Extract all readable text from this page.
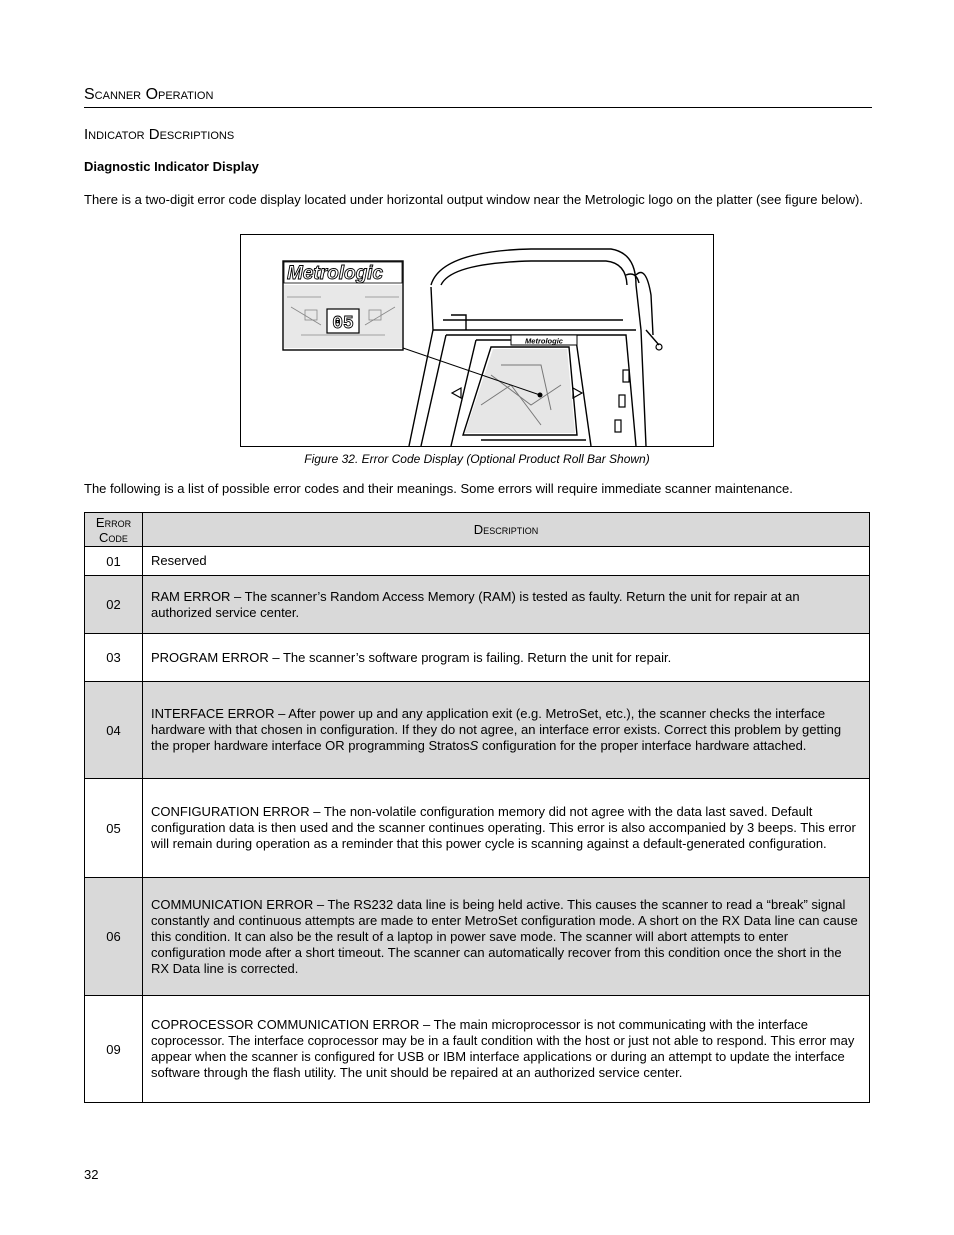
Scanner Operation
Indicator Descriptions
Diagnostic Indicator Display
There is a two-digit error code display located under horizontal output window near the Metrologic logo on the platter (see figure below).
Metrologic
Metrologic
05
Figure 32. Error Code Display (Optional Product Roll Bar Shown)
The following is a list of possible error codes and their meanings. Some errors will require immediate scanner maintenance.
Error
Code	Description
01	Reserved
02	RAM ERROR – The scanner’s Random Access Memory (RAM) is tested as faulty. Return the unit for repair at an authorized service center.
03	PROGRAM ERROR – The scanner’s software program is failing. Return the unit for repair.
04	INTERFACE ERROR – After power up and any application exit (e.g. MetroSet, etc.), the scanner checks the interface hardware with that chosen in configuration. If they do not agree, an interface error exists. Correct this problem by getting the proper hardware interface OR programming StratosS configuration for the proper interface hardware attached.
05	CONFIGURATION ERROR – The non-volatile configuration memory did not agree with the data last saved. Default configuration data is then used and the scanner continues operating. This error is also accompanied by 3 beeps. This error will remain during operation as a reminder that this power cycle is scanning against a default-generated configuration.
06	COMMUNICATION ERROR – The RS232 data line is being held active. This causes the scanner to read a “break” signal constantly and continuous attempts are made to enter MetroSet configuration mode. A short on the RX Data line can cause this condition. It can also be the result of a laptop in power save mode. The scanner will abort attempts to enter configuration mode after a short timeout. The scanner can automatically recover from this condition once the short in the RX Data line is corrected.
09	COPROCESSOR COMMUNICATION ERROR – The main microprocessor is not communicating with the interface coprocessor. The interface coprocessor may be in a fault condition with the host or just not able to respond. This error may appear when the scanner is configured for USB or IBM interface applications or during an attempt to update the interface software through the flash utility. The unit should be repaired at an authorized service center.
32
